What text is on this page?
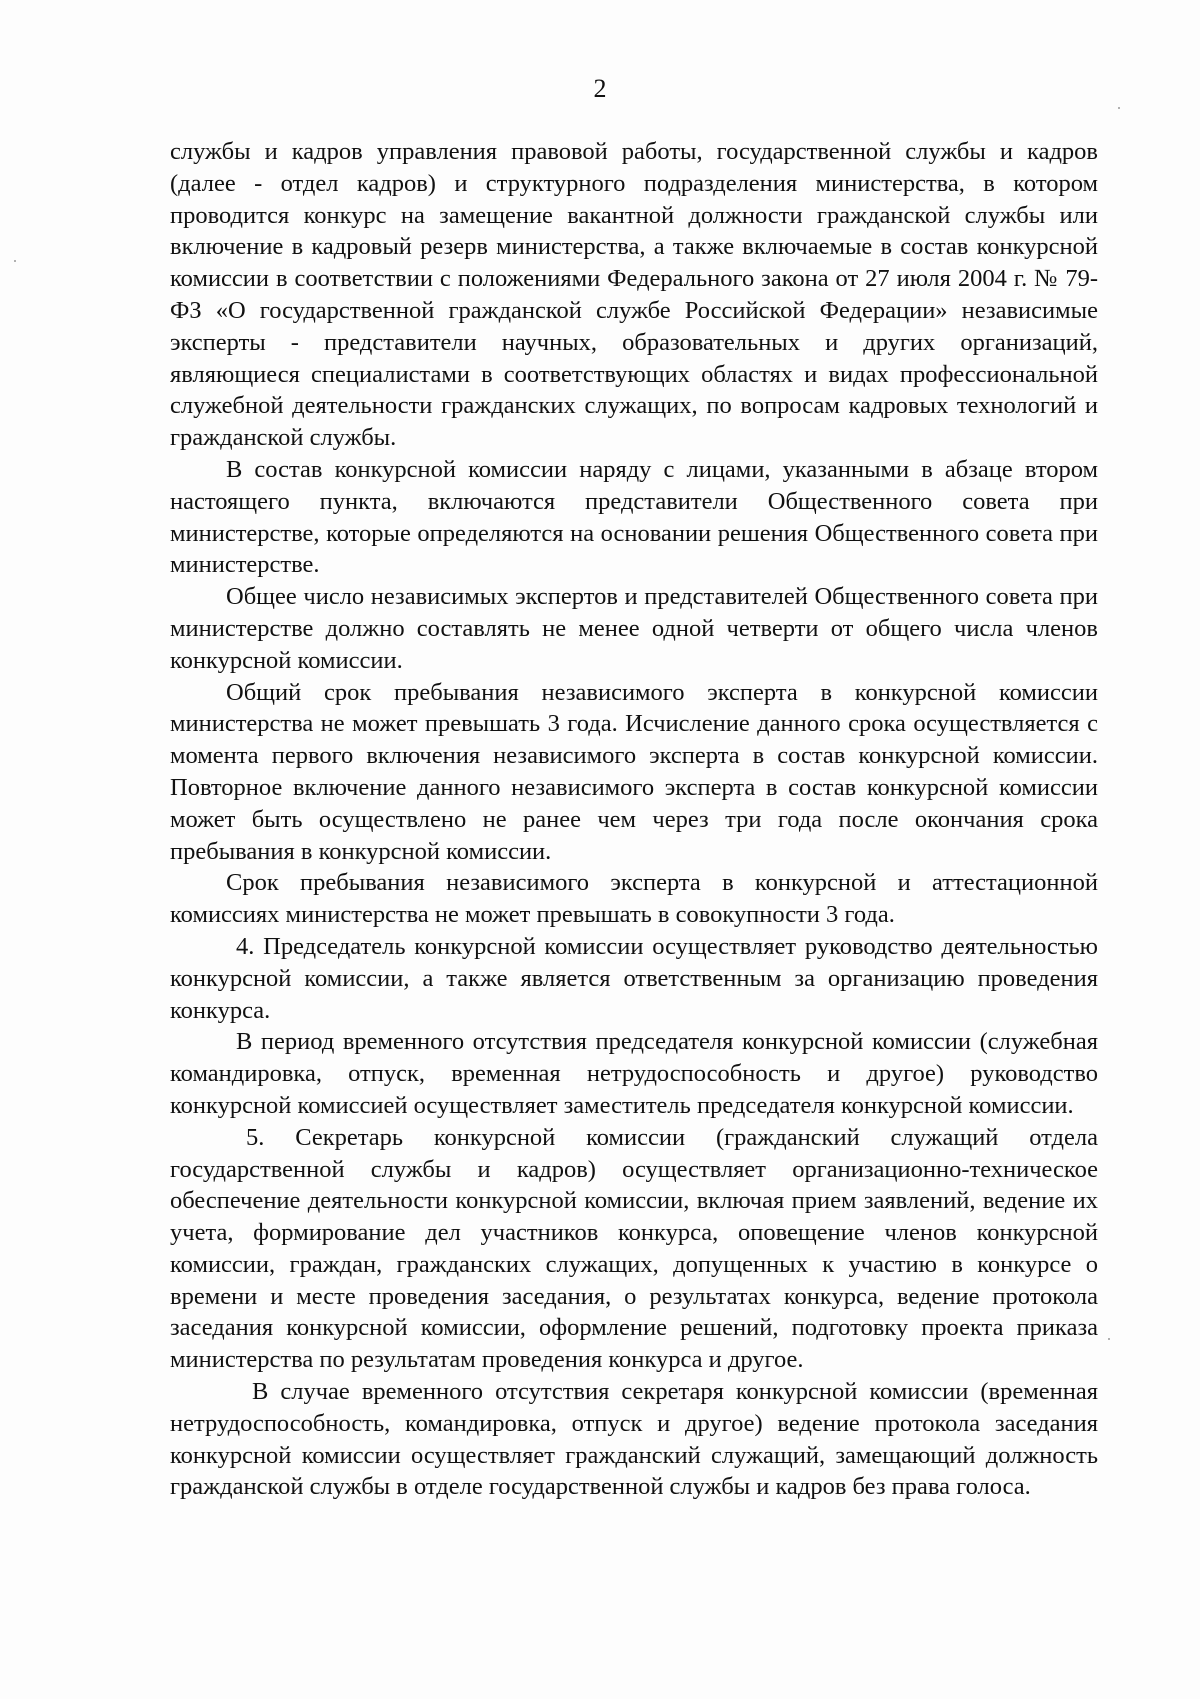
2

службы и кадров управления правовой работы, государственной службы и кадров (далее - отдел кадров) и структурного подразделения министерства, в котором проводится конкурс на замещение вакантной должности гражданской службы или включение в кадровый резерв министерства, а также включаемые в состав конкурсной комиссии в соответствии с положениями Федерального закона от 27 июля 2004 г. № 79-ФЗ «О государственной гражданской службе Российской Федерации» независимые эксперты - представители научных, образовательных и других организаций, являющиеся специалистами в соответствующих областях и видах профессиональной служебной деятельности гражданских служащих, по вопросам кадровых технологий и гражданской службы.

В состав конкурсной комиссии наряду с лицами, указанными в абзаце втором настоящего пункта, включаются представители Общественного совета при министерстве, которые определяются на основании решения Общественного совета при министерстве.

Общее число независимых экспертов и представителей Общественного совета при министерстве должно составлять не менее одной четверти от общего числа членов конкурсной комиссии.

Общий срок пребывания независимого эксперта в конкурсной комиссии министерства не может превышать 3 года. Исчисление данного срока осуществляется с момента первого включения независимого эксперта в состав конкурсной комиссии. Повторное включение данного независимого эксперта в состав конкурсной комиссии может быть осуществлено не ранее чем через три года после окончания срока пребывания в конкурсной комиссии.

Срок пребывания независимого эксперта в конкурсной и аттестационной комиссиях министерства не может превышать в совокупности 3 года.

4. Председатель конкурсной комиссии осуществляет руководство деятельностью конкурсной комиссии, а также является ответственным за организацию проведения конкурса.

В период временного отсутствия председателя конкурсной комиссии (служебная командировка, отпуск, временная нетрудоспособность и другое) руководство конкурсной комиссией осуществляет заместитель председателя конкурсной комиссии.

5. Секретарь конкурсной комиссии (гражданский служащий отдела государственной службы и кадров) осуществляет организационно-техническое обеспечение деятельности конкурсной комиссии, включая прием заявлений, ведение их учета, формирование дел участников конкурса, оповещение членов конкурсной комиссии, граждан, гражданских служащих, допущенных к участию в конкурсе о времени и месте проведения заседания, о результатах конкурса, ведение протокола заседания конкурсной комиссии, оформление решений, подготовку проекта приказа министерства по результатам проведения конкурса и другое.

В случае временного отсутствия секретаря конкурсной комиссии (временная нетрудоспособность, командировка, отпуск и другое) ведение протокола заседания конкурсной комиссии осуществляет гражданский служащий, замещающий должность гражданской службы в отделе государственной службы и кадров без права голоса.
